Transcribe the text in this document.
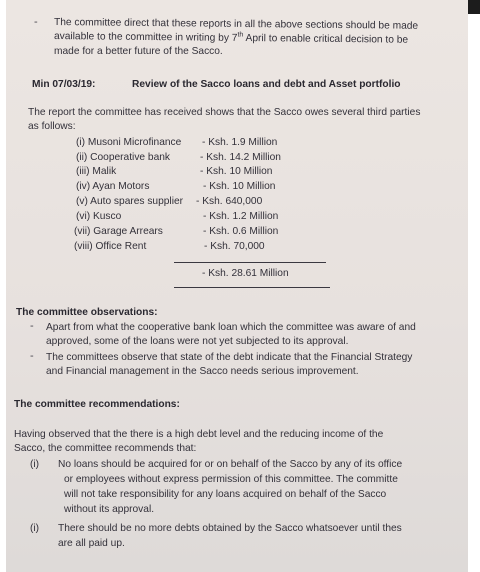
- The committee direct that these reports in all the above sections should be made
available to the committee in writing by 7th April to enable critical decision to be
made for a better future of the Sacco.
Min 07/03/19:	Review of the Sacco loans and debt and Asset portfolio
The report the committee has received shows that the Sacco owes several third parties
as follows:
(i) Musoni Microfinance - Ksh. 1.9 Million
(ii) Cooperative bank	- Ksh. 14.2 Million
(iii) Malik	- Ksh. 10 Million
(iv) Ayan Motors	- Ksh. 10 Million
(v) Auto spares supplier - Ksh. 640,000
(vi) Kusco	- Ksh. 1.2 Million
(vii) Garage Arrears	- Ksh. 0.6 Million
(viii) Office Rent	- Ksh. 70,000
- Ksh. 28.61 Million
The committee observations:
- Apart from what the cooperative bank loan which the committee was aware of and
approved, some of the loans were not yet subjected to its approval.
- The committees observe that state of the debt indicate that the Financial Strategy
and Financial management in the Sacco needs serious improvement.
The committee recommendations:
Having observed that the there is a high debt level and the reducing income of the
Sacco, the committee recommends that:
(i) No loans should be acquired for or on behalf of the Sacco by any of its office
or employees without express permission of this committee. The committe
will not take responsibility for any loans acquired on behalf of the Sacco
without its approval.
(i) There should be no more debts obtained by the Sacco whatsoever until thes
are all paid up.
